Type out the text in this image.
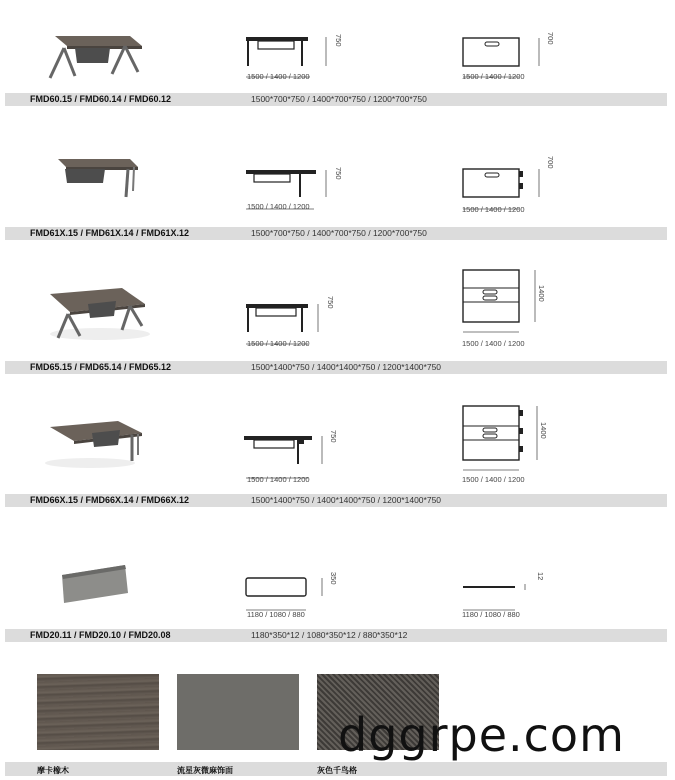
1500 / 1400 / 1200
750
1500 / 1400 / 1200
700
FMD60.15 / FMD60.14 / FMD60.12	1500*700*750 / 1400*700*750 / 1200*700*750
1500 / 1400 / 1200
750
1500 / 1400 / 1200
700
FMD61X.15 / FMD61X.14 / FMD61X.12	1500*700*750 / 1400*700*750 / 1200*700*750
1500 / 1400 / 1200
750
1500 / 1400 / 1200
1400
FMD65.15 / FMD65.14 / FMD65.12	1500*1400*750 / 1400*1400*750 / 1200*1400*750
1500 / 1400 / 1200
750
1500 / 1400 / 1200
1400
FMD66X.15 / FMD66X.14 / FMD66X.12	1500*1400*750 / 1400*1400*750 / 1200*1400*750
1180 / 1080 / 880
350
1180 / 1080 / 880
12
FMD20.11 / FMD20.10 / FMD20.08	1180*350*12 / 1080*350*12 / 880*350*12
摩卡橡木	流星灰微麻饰面	灰色千鸟格
dggrpe.com
